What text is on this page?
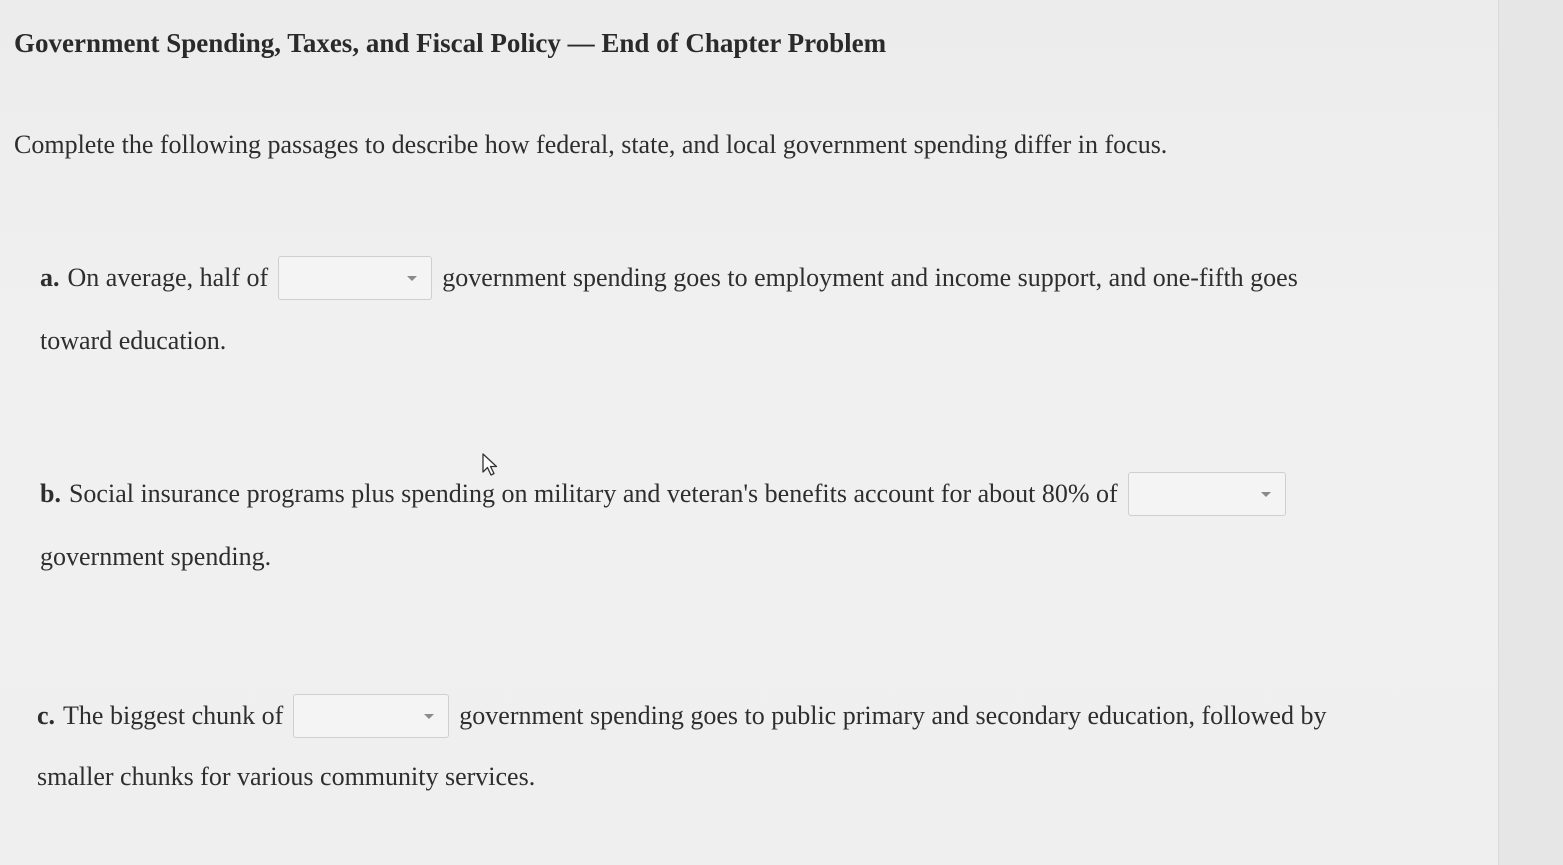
Government Spending, Taxes, and Fiscal Policy — End of Chapter Problem
Complete the following passages to describe how federal, state, and local government spending differ in focus.
a. On average, half of	government spending goes to employment and income support, and one-fifth goes
toward education.
b. Social insurance programs plus spending on military and veteran's benefits account for about 80% of
government spending.
c. The biggest chunk of	government spending goes to public primary and secondary education, followed by
smaller chunks for various community services.
